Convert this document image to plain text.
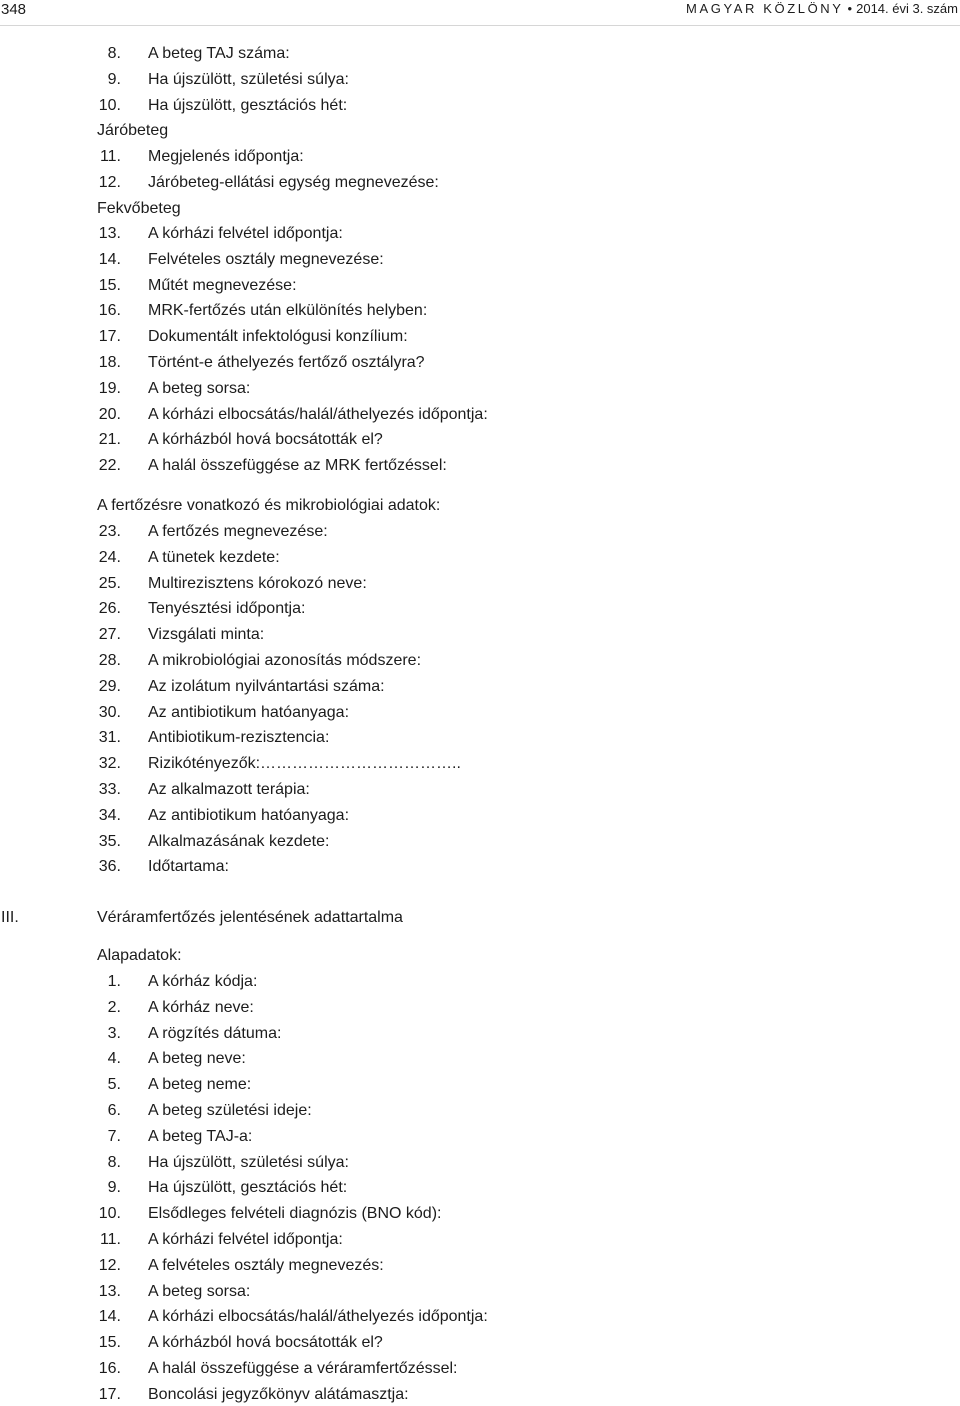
348	MAGYAR KÖZLÖNY • 2014. évi 3. szám
8. A beteg TAJ száma:
9. Ha újszülött, születési súlya:
10. Ha újszülött, gesztációs hét:
Járóbeteg
11. Megjelenés időpontja:
12. Járóbeteg-ellátási egység megnevezése:
Fekvőbeteg
13. A kórházi felvétel időpontja:
14. Felvételes osztály megnevezése:
15. Műtét megnevezése:
16. MRK-fertőzés után elkülönítés helyben:
17. Dokumentált infektológusi konzílium:
18. Történt-e áthelyezés fertőző osztályra?
19. A beteg sorsa:
20. A kórházi elbocsátás/halál/áthelyezés időpontja:
21. A kórházból hová bocsátották el?
22. A halál összefüggése az MRK fertőzéssel:
A fertőzésre vonatkozó és mikrobiológiai adatok:
23. A fertőzés megnevezése:
24. A tünetek kezdete:
25. Multirezisztens kórokozó neve:
26. Tenyésztési időpontja:
27. Vizsgálati minta:
28. A mikrobiológiai azonosítás módszere:
29. Az izolátum nyilvántartási száma:
30. Az antibiotikum hatóanyaga:
31. Antibiotikum-rezisztencia:
32. Rizikótényezők:………………………………..
33. Az alkalmazott terápia:
34. Az antibiotikum hatóanyaga:
35. Alkalmazásának kezdete:
36. Időtartama:
III.	Véráramfertőzés jelentésének adattartalma
Alapadatok:
1. A kórház kódja:
2. A kórház neve:
3. A rögzítés dátuma:
4. A beteg neve:
5. A beteg neme:
6. A beteg születési ideje:
7. A beteg TAJ-a:
8. Ha újszülött, születési súlya:
9. Ha újszülött, gesztációs hét:
10. Elsődleges felvételi diagnózis (BNO kód):
11. A kórházi felvétel időpontja:
12. A felvételes osztály megnevezés:
13. A beteg sorsa:
14. A kórházi elbocsátás/halál/áthelyezés időpontja:
15. A kórházból hová bocsátották el?
16. A halál összefüggése a véráramfertőzéssel:
17. Boncolási jegyzőkönyv alátámasztja:
